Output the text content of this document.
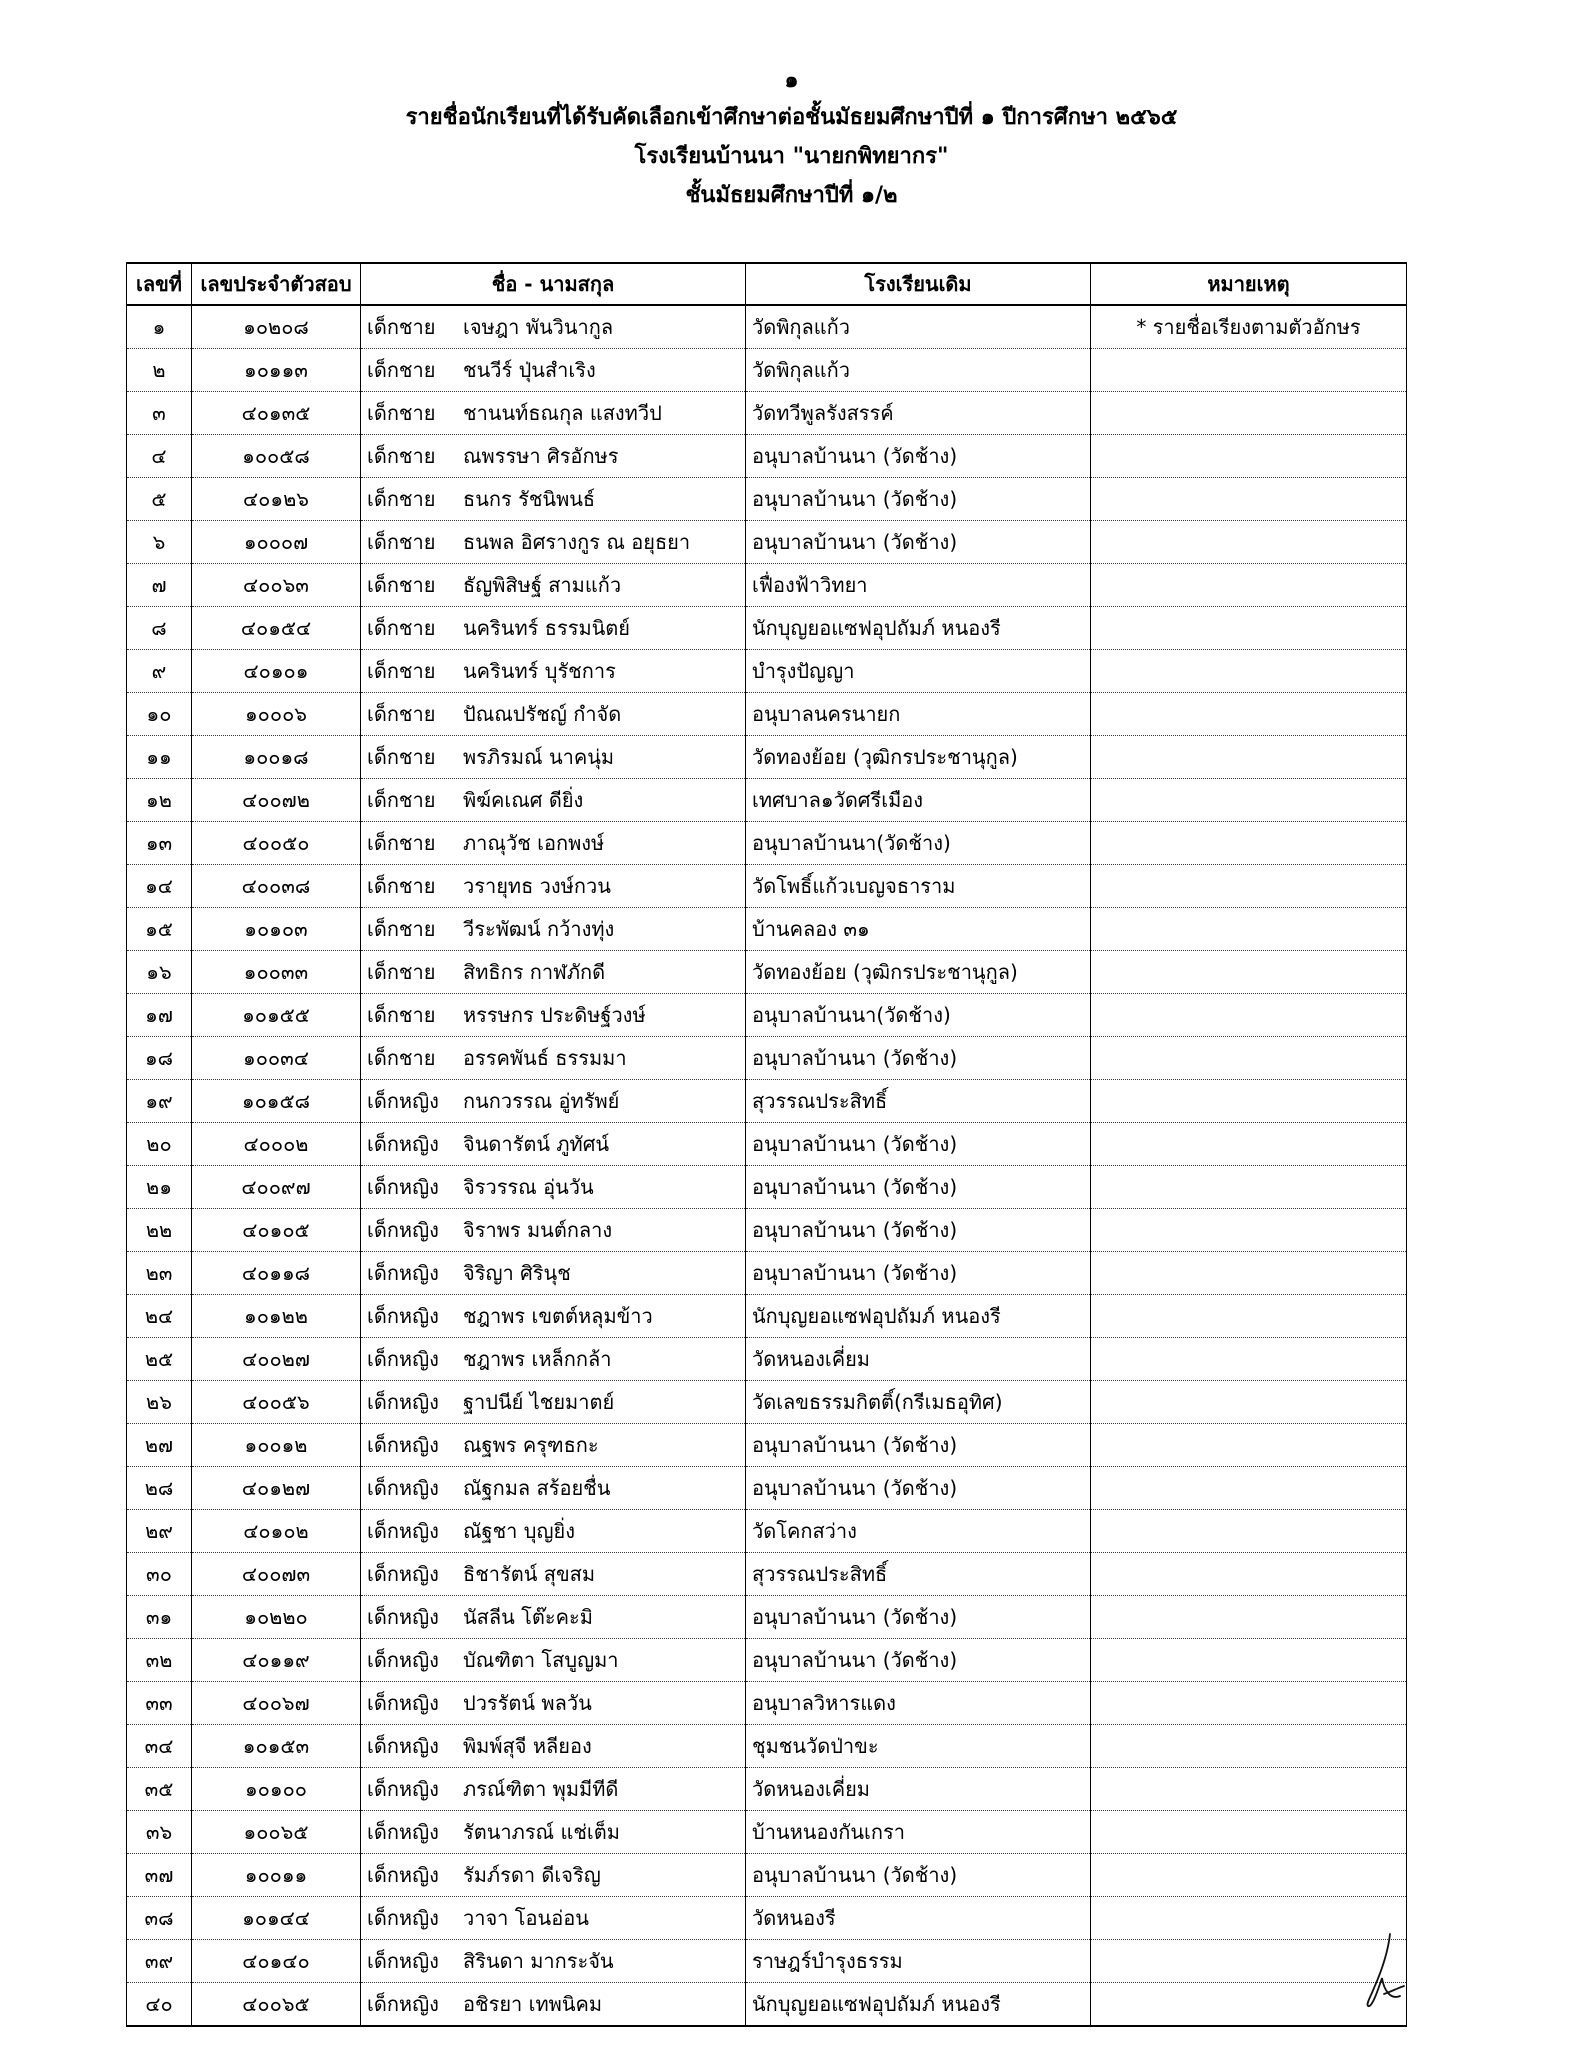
๑
รายชื่อนักเรียนที่ได้รับคัดเลือกเข้าศึกษาต่อชั้นมัธยมศึกษาปีที่ ๑ ปีการศึกษา ๒๕๖๕
โรงเรียนบ้านนา "นายกพิทยากร"
ชั้นมัธยมศึกษาปีที่ ๑/๒
เลขที่	เลขประจำตัวสอบ	ชื่อ - นามสกุล	โรงเรียนเดิม	หมายเหตุ
๑	๑๐๒๐๘	เด็กชาย เจษฎา พันวินากูล	วัดพิกุลแก้ว	* รายชื่อเรียงตามตัวอักษร
๒	๑๐๑๑๓	เด็กชาย ชนวีร์ ปุ่นสำเริง	วัดพิกุลแก้ว	
๓	๔๐๑๓๕	เด็กชาย ชานนท์ธณกุล แสงทวีป	วัดทวีพูลรังสรรค์	
๔	๑๐๐๕๘	เด็กชาย ณพรรษา ศิรอักษร	อนุบาลบ้านนา (วัดช้าง)	
๕	๔๐๑๒๖	เด็กชาย ธนกร รัชนิพนธ์	อนุบาลบ้านนา (วัดช้าง)	
๖	๑๐๐๐๗	เด็กชาย ธนพล อิศรางกูร ณ อยุธยา	อนุบาลบ้านนา (วัดช้าง)	
๗	๔๐๐๖๓	เด็กชาย ธัญพิสิษฐ์ สามแก้ว	เฟื่องฟ้าวิทยา	
๘	๔๐๑๕๔	เด็กชาย นครินทร์ ธรรมนิตย์	นักบุญยอแซฟอุปถัมภ์ หนองรี	
๙	๔๐๑๐๑	เด็กชาย นครินทร์ บุรัชการ	บำรุงปัญญา	
๑๐	๑๐๐๐๖	เด็กชาย ปัณณปรัชญ์ กำจัด	อนุบาลนครนายก	
๑๑	๑๐๐๑๘	เด็กชาย พรภิรมณ์ นาคนุ่ม	วัดทองย้อย (วุฒิกรประชานุกูล)	
๑๒	๔๐๐๗๒	เด็กชาย พิฆ์คเณศ ดียิ่ง	เทศบาล๑วัดศรีเมือง	
๑๓	๔๐๐๕๐	เด็กชาย ภาณุวัช เอกพงษ์	อนุบาลบ้านนา(วัดช้าง)	
๑๔	๔๐๐๓๘	เด็กชาย วรายุทธ วงษ์กวน	วัดโพธิ์แก้วเบญจธาราม	
๑๕	๑๐๑๐๓	เด็กชาย วีระพัฒน์ กว้างทุ่ง	บ้านคลอง ๓๑	
๑๖	๑๐๐๓๓	เด็กชาย สิทธิกร กาฬภักดี	วัดทองย้อย (วุฒิกรประชานุกูล)	
๑๗	๑๐๑๕๕	เด็กชาย หรรษกร ประดิษฐ์วงษ์	อนุบาลบ้านนา(วัดช้าง)	
๑๘	๑๐๐๓๔	เด็กชาย อรรคพันธ์ ธรรมมา	อนุบาลบ้านนา (วัดช้าง)	
๑๙	๑๐๑๕๘	เด็กหญิง กนกวรรณ อู่ทรัพย์	สุวรรณประสิทธิ์	
๒๐	๔๐๐๐๒	เด็กหญิง จินดารัตน์ ภูทัศน์	อนุบาลบ้านนา (วัดช้าง)	
๒๑	๔๐๐๙๗	เด็กหญิง จิรวรรณ อุ่นวัน	อนุบาลบ้านนา (วัดช้าง)	
๒๒	๔๐๑๐๕	เด็กหญิง จิราพร มนต์กลาง	อนุบาลบ้านนา (วัดช้าง)	
๒๓	๔๐๑๑๘	เด็กหญิง จิริญา ศิรินุช	อนุบาลบ้านนา (วัดช้าง)	
๒๔	๑๐๑๒๒	เด็กหญิง ชฎาพร เขตต์หลุมข้าว	นักบุญยอแซฟอุปถัมภ์ หนองรี	
๒๕	๔๐๐๒๗	เด็กหญิง ชฎาพร เหล็กกล้า	วัดหนองเคี่ยม	
๒๖	๔๐๐๕๖	เด็กหญิง ฐาปนีย์ ไชยมาตย์	วัดเลขธรรมกิตติ์(กรีเมธอุทิศ)	
๒๗	๑๐๐๑๒	เด็กหญิง ณฐพร ครุฑธกะ	อนุบาลบ้านนา (วัดช้าง)	
๒๘	๔๐๑๒๗	เด็กหญิง ณัฐกมล สร้อยชื่น	อนุบาลบ้านนา (วัดช้าง)	
๒๙	๔๐๑๐๒	เด็กหญิง ณัฐชา บุญยิ่ง	วัดโคกสว่าง	
๓๐	๔๐๐๗๓	เด็กหญิง ธิชารัตน์ สุขสม	สุวรรณประสิทธิ์	
๓๑	๑๐๒๒๐	เด็กหญิง นัสลีน โต๊ะคะมิ	อนุบาลบ้านนา (วัดช้าง)	
๓๒	๔๐๑๑๙	เด็กหญิง บัณฑิตา โสบูญมา	อนุบาลบ้านนา (วัดช้าง)	
๓๓	๔๐๐๖๗	เด็กหญิง ปวรรัตน์ พลวัน	อนุบาลวิหารแดง	
๓๔	๑๐๑๕๓	เด็กหญิง พิมพ์สุจี หลียอง	ชุมชนวัดป่าขะ	
๓๕	๑๐๑๐๐	เด็กหญิง ภรณ์ฑิตา พุมมีทีดี	วัดหนองเคี่ยม	
๓๖	๑๐๐๖๕	เด็กหญิง รัตนาภรณ์ แช่เต็ม	บ้านหนองกันเกรา	
๓๗	๑๐๐๑๑	เด็กหญิง รัมภ์รดา ดีเจริญ	อนุบาลบ้านนา (วัดช้าง)	
๓๘	๑๐๑๔๔	เด็กหญิง วาจา โอนอ่อน	วัดหนองรี	
๓๙	๔๐๑๔๐	เด็กหญิง สิรินดา มากระจัน	ราษฎร์บำรุงธรรม	
๔๐	๔๐๐๖๕	เด็กหญิง อชิรยา เทพนิคม	นักบุญยอแซฟอุปถัมภ์ หนองรี	
